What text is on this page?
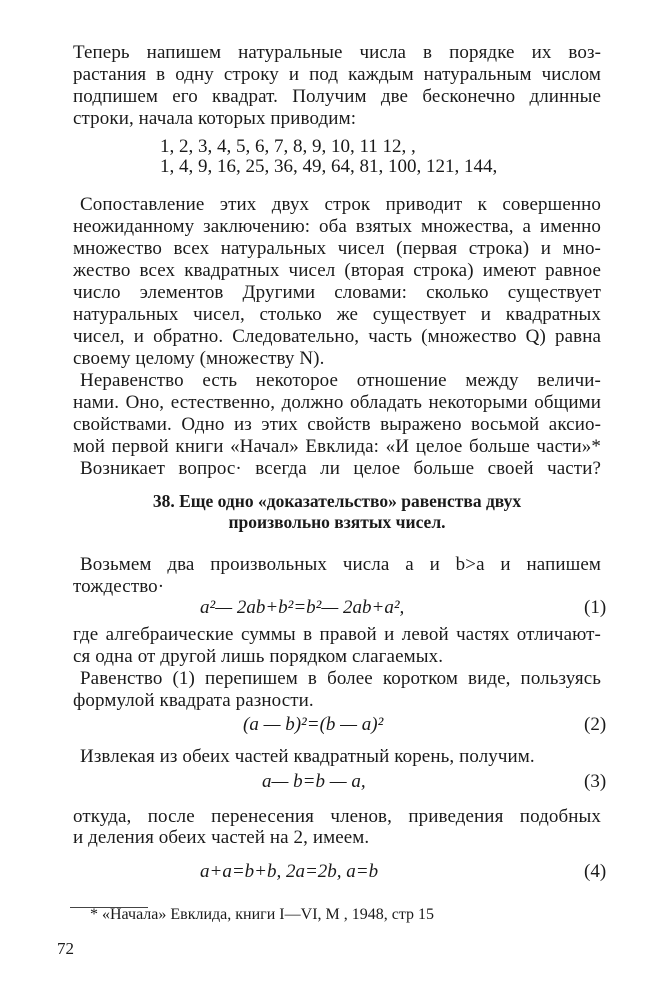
Теперь напишем натуральные числа в порядке их воз-
растания в одну строку и под каждым натуральным числом
подпишем его квадрат. Получим две бесконечно длинные
строки, начала которых приводим:
1, 2, 3, 4, 5, 6, 7, 8, 9, 10, 11 12, ,
1, 4, 9, 16, 25, 36, 49, 64, 81, 100, 121, 144,
Сопоставление этих двух строк приводит к совершенно
неожиданному заключению: оба взятых множества, а именно
множество всех натуральных чисел (первая строка) и мно-
жество всех квадратных чисел (вторая строка) имеют равное
число элементов Другими словами: сколько существует
натуральных чисел, столько же существует и квадратных
чисел, и обратно. Следовательно, часть (множество Q) равна
своему целому (множеству N).
Неравенство есть некоторое отношение между величи-
нами. Оно, естественно, должно обладать некоторыми общими
свойствами. Одно из этих свойств выражено восьмой аксио-
мой первой книги «Начал» Евклида: «И целое больше части»*
Возникает вопрос· всегда ли целое больше своей части?
38. Еще одно «доказательство» равенства двух
произвольно взятых чисел.
Возьмем два произвольных числа a и b>a и напишем
тождество·
a²— 2ab+b²=b²— 2ab+a²,	(1)
где алгебраические суммы в правой и левой частях отличают-
ся одна от другой лишь порядком слагаемых.
Равенство (1) перепишем в более коротком виде, пользуясь
формулой квадрата разности.
(a — b)²=(b — a)²	(2)
Извлекая из обеих частей квадратный корень, получим.
a— b=b — a,	(3)
откуда, после перенесения членов, приведения подобных
и деления обеих частей на 2, имеем.
a+a=b+b, 2a=2b, a=b	(4)
* «Начала» Евклида, книги I—VI, М , 1948, стр 15
72
